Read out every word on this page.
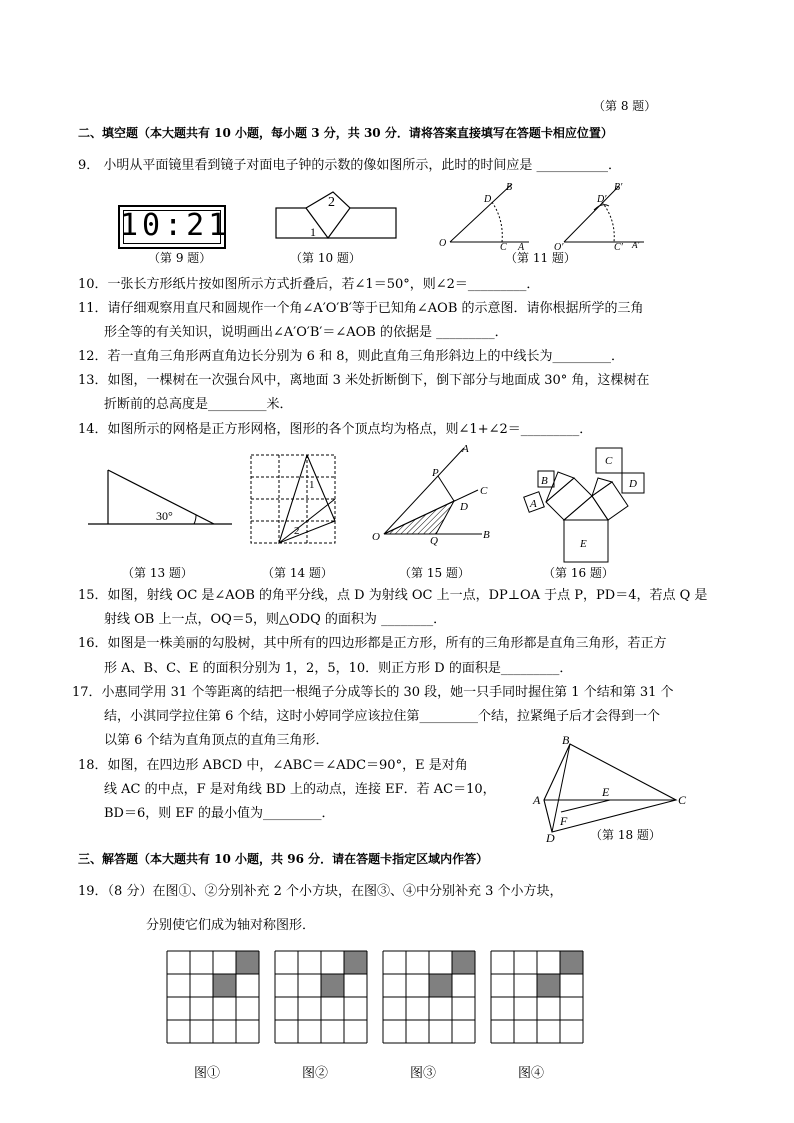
（第 8 题）
二、填空题（本大题共有 10 小题，每小题 3 分，共 30 分．请将答案直接填写在答题卡相应位置）
9． 小明从平面镜里看到镜子对面电子钟的示数的像如图所示，此时的时间应是 ___________．
10:21
（第 9 题）
2
1
（第 10 题）
B
D
O	C A
B′
D′
O′	C′ A′
（第 11 题）
10．一张长方形纸片按如图所示方式折叠后，若∠1＝50°，则∠2＝_________．
11．请仔细观察用直尺和圆规作一个角∠A′O′B′等于已知角∠AOB 的示意图．请你根据所学的三角
形全等的有关知识，说明画出∠A′O′B′＝∠AOB 的依据是 _________．
12．若一直角三角形两直角边长分别为 6 和 8，则此直角三角形斜边上的中线长为_________．
13．如图，一棵树在一次强台风中，离地面 3 米处折断倒下，倒下部分与地面成 30° 角，这棵树在
折断前的总高度是_________米．
14．如图所示的网格是正方形网格，图形的各个顶点均为格点，则∠1+∠2＝_________．
30°
（第 13 题）
1
2
（第 14 题）
A
P
C
D
O	Q	B
（第 15 题）
C
B	D
A
E
（第 16 题）
15．如图，射线 OC 是∠AOB 的角平分线，点 D 为射线 OC 上一点，DP⊥OA 于点 P，PD＝4，若点 Q 是
射线 OB 上一点，OQ＝5，则△ODQ 的面积为 ________．
16．如图是一株美丽的勾股树，其中所有的四边形都是正方形，所有的三角形都是直角三角形，若正方
形 A、B、C、E 的面积分别为 1，2，5，10．则正方形 D 的面积是_________．
17．小惠同学用 31 个等距离的结把一根绳子分成等长的 30 段，她一只手同时握住第 1 个结和第 31 个
结，小淇同学拉住第 6 个结，这时小婷同学应该拉住第_________个结，拉紧绳子后才会得到一个
以第 6 个结为直角顶点的直角三角形．
18．如图，在四边形 ABCD 中，∠ABC＝∠ADC＝90°，E 是对角
线 AC 的中点，F 是对角线 BD 上的动点，连接 EF．若 AC＝10，
BD＝6，则 EF 的最小值为_________．
B
A
E
C
F
D	（第 18 题）
三、解答题（本大题共有 10 小题，共 96 分．请在答题卡指定区域内作答）
19．（8 分）在图①、②分别补充 2 个小方块，在图③、④中分别补充 3 个小方块，
分别使它们成为轴对称图形．
图①	图②	图③	图④
